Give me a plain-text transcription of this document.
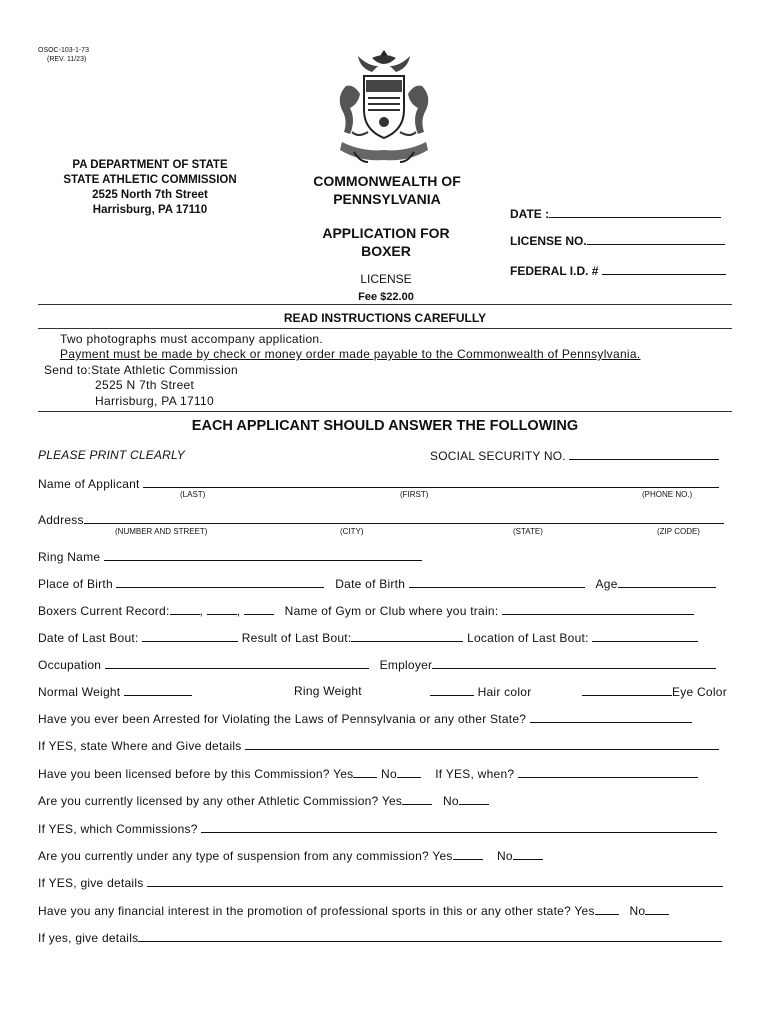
OSOC-103-1-73
(REV. 11/23)
PA DEPARTMENT OF STATE
STATE ATHLETIC COMMISSION
2525 North 7th Street
Harrisburg, PA 17110
COMMONWEALTH OF
PENNSYLVANIA
APPLICATION FOR
BOXER
LICENSE
Fee $22.00
DATE :
LICENSE NO.
FEDERAL I.D. #
READ INSTRUCTIONS CAREFULLY
Two photographs must accompany application.
Payment must be made by check or money order made payable to the Commonwealth of Pennsylvania.
Send to:State Athletic Commission
2525 N 7th Street
Harrisburg, PA 17110
EACH APPLICANT SHOULD ANSWER THE FOLLOWING
PLEASE PRINT CLEARLY	SOCIAL SECURITY NO.
Name of Applicant
(LAST)	(FIRST)	(PHONE NO.)
Address
(NUMBER AND STREET)	(CITY)	(STATE)	(ZIP CODE)
Ring Name
Place of Birth	Date of Birth	Age
Boxers Current Record:	,	,	Name of Gym or Club where you train:
Date of Last Bout:	Result of Last Bout:	Location of Last Bout:
Occupation	Employer
Normal Weight	Ring Weight	Hair color	Eye Color
Have you ever been Arrested for Violating the Laws of Pennsylvania or any other State?
If YES, state Where and Give details
Have you been licensed before by this Commission? Yes No	If YES, when?
Are you currently licensed by any other Athletic Commission? Yes	No
If YES, which Commissions?
Are you currently under any type of suspension from any commission? Yes	No
If YES, give details
Have you any financial interest in the promotion of professional sports in this or any other state? Yes	No
If yes, give details
